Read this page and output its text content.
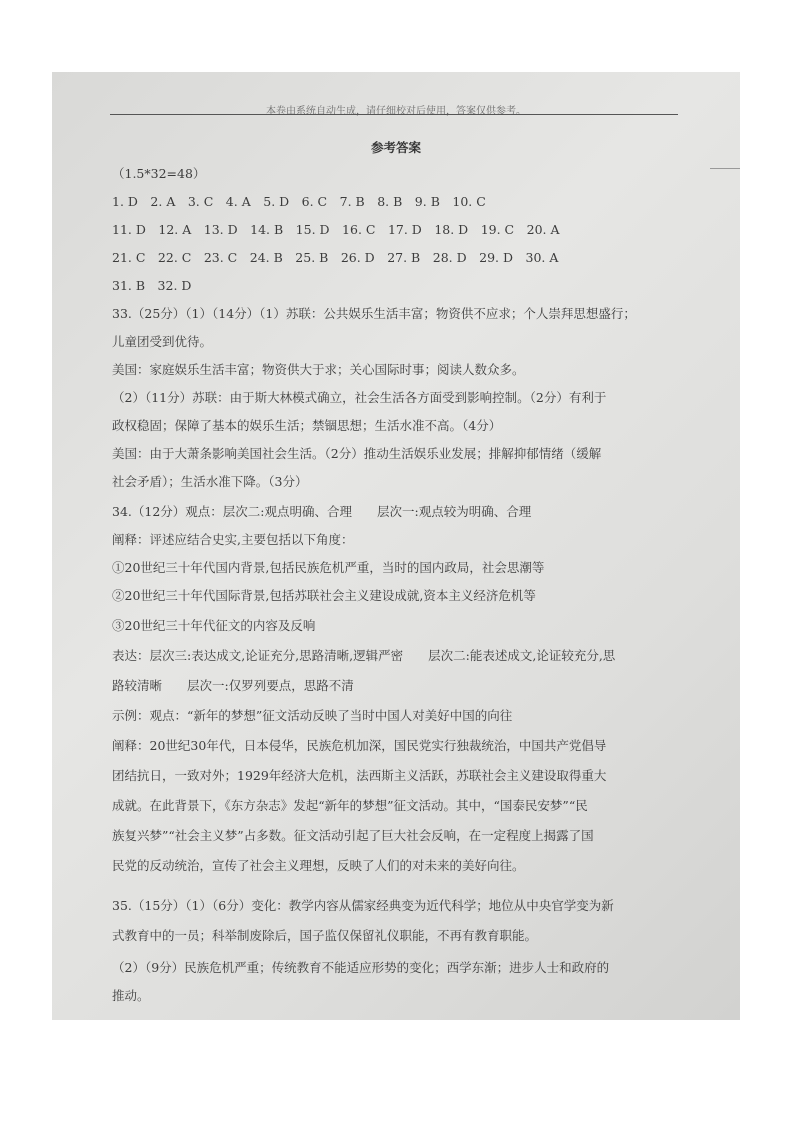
本卷由系统自动生成，请仔细校对后使用，答案仅供参考。
参考答案
（1.5*32=48）
1. D　2. A　3. C　4. A　5. D　6. C　7. B　8. B　9. B　10. C
11. D　12. A　13. D　14. B　15. D　16. C　17. D　18. D　19. C　20. A
21. C　22. C　23. C　24. B　25. B　26. D　27. B　28. D　29. D　30. A
31. B　32. D
33.（25分）（1）（14分）（1）苏联：公共娱乐生活丰富；物资供不应求；个人崇拜思想盛行；
儿童团受到优待。
美国：家庭娱乐生活丰富；物资供大于求；关心国际时事；阅读人数众多。
（2）（11分）苏联：由于斯大林模式确立，社会生活各方面受到影响控制。（2分）有利于
政权稳固；保障了基本的娱乐生活；禁锢思想；生活水准不高。（4分）
美国：由于大萧条影响美国社会生活。（2分）推动生活娱乐业发展；排解抑郁情绪（缓解
社会矛盾）；生活水准下降。（3分）
34.（12分）观点：层次二:观点明确、合理　　层次一:观点较为明确、合理
阐释：评述应结合史实,主要包括以下角度：
①20世纪三十年代国内背景,包括民族危机严重，当时的国内政局，社会思潮等
②20世纪三十年代国际背景,包括苏联社会主义建设成就,资本主义经济危机等
③20世纪三十年代征文的内容及反响
表达：层次三:表达成文,论证充分,思路清晰,逻辑严密　　层次二:能表述成文,论证较充分,思
路较清晰　　层次一:仅罗列要点，思路不清
示例：观点：“新年的梦想”征文活动反映了当时中国人对美好中国的向往
阐释：20世纪30年代，日本侵华，民族危机加深，国民党实行独裁统治，中国共产党倡导
团结抗日，一致对外；1929年经济大危机，法西斯主义活跃，苏联社会主义建设取得重大
成就。在此背景下，《东方杂志》发起“新年的梦想”征文活动。其中，“国泰民安梦”“民
族复兴梦”“社会主义梦”占多数。征文活动引起了巨大社会反响，在一定程度上揭露了国
民党的反动统治，宣传了社会主义理想，反映了人们的对未来的美好向往。
35.（15分）（1）（6分）变化：教学内容从儒家经典变为近代科学；地位从中央官学变为新
式教育中的一员；科举制废除后，国子监仅保留礼仪职能，不再有教育职能。
（2）（9分）民族危机严重；传统教育不能适应形势的变化；西学东渐；进步人士和政府的
推动。
